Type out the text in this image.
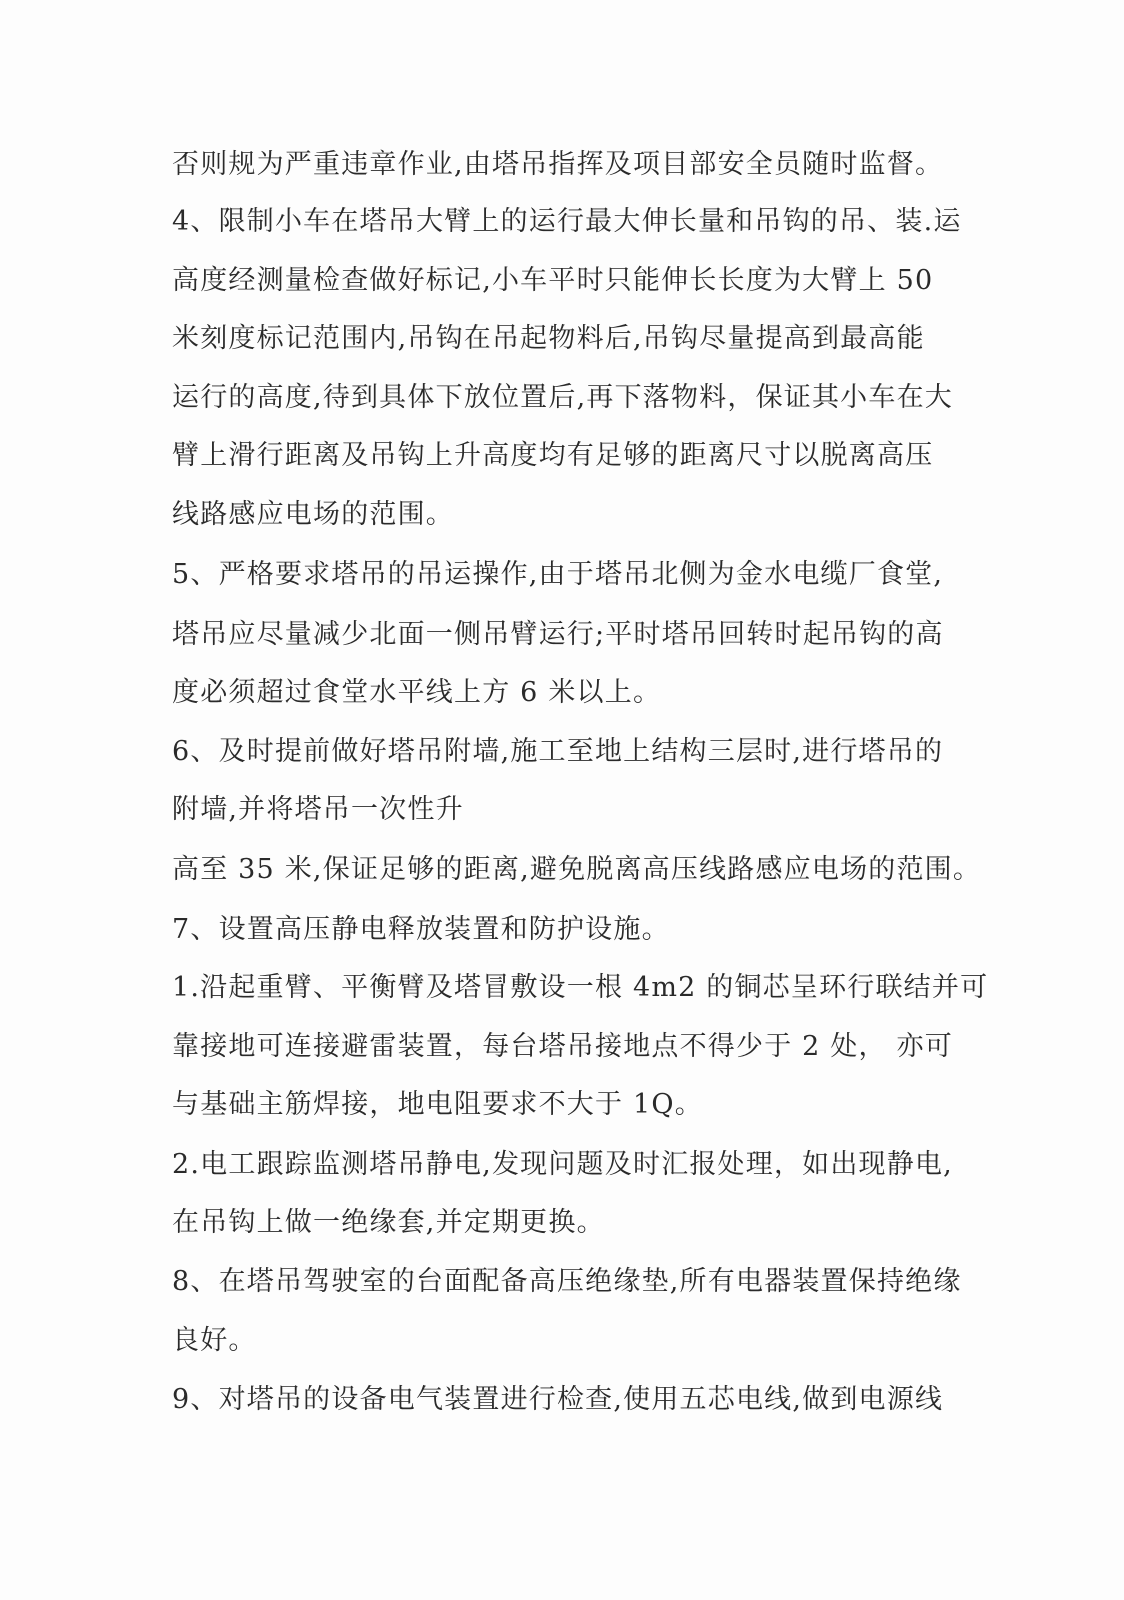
否则规为严重违章作业,由塔吊指挥及项目部安全员随时监督。
4、限制小车在塔吊大臂上的运行最大伸长量和吊钩的吊、装.运
高度经测量检查做好标记,小车平时只能伸长长度为大臂上 50
米刻度标记范围内,吊钩在吊起物料后,吊钩尽量提高到最高能
运行的高度,待到具体下放位置后,再下落物料，保证其小车在大
臂上滑行距离及吊钩上升高度均有足够的距离尺寸以脱离高压
线路感应电场的范围。
5、严格要求塔吊的吊运操作,由于塔吊北侧为金水电缆厂食堂,
塔吊应尽量减少北面一侧吊臂运行;平时塔吊回转时起吊钩的高
度必须超过食堂水平线上方 6 米以上。
6、及时提前做好塔吊附墙,施工至地上结构三层时,进行塔吊的
附墙,并将塔吊一次性升
高至 35 米,保证足够的距离,避免脱离高压线路感应电场的范围。
7、设置高压静电释放装置和防护设施。
1.沿起重臂、平衡臂及塔冒敷设一根 4m2 的铜芯呈环行联结并可
靠接地可连接避雷装置，每台塔吊接地点不得少于 2 处， 亦可
与基础主筋焊接，地电阻要求不大于 1Q。
2.电工跟踪监测塔吊静电,发现问题及时汇报处理，如出现静电,
在吊钩上做一绝缘套,并定期更换。
8、在塔吊驾驶室的台面配备高压绝缘垫,所有电器装置保持绝缘
良好。
9、对塔吊的设备电气装置进行检查,使用五芯电线,做到电源线
